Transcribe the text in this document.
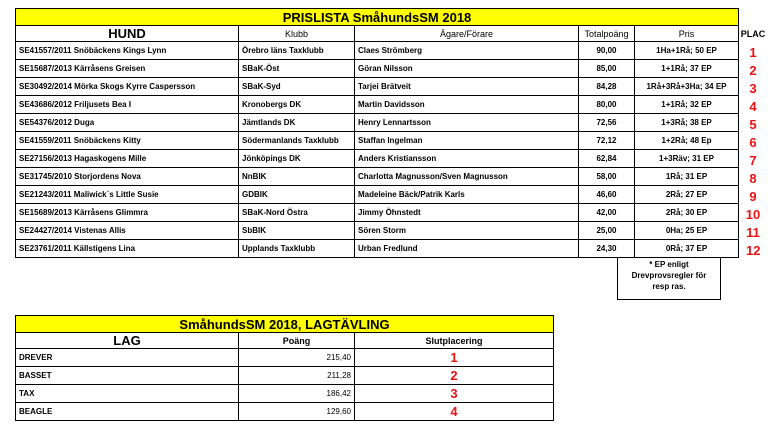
PRISLISTA SmåhundsSM 2018					
HUND	Klubb	Ägare/Förare	Totalpoäng	Pris	PLAC
SE41557/2011 Snöbäckens Kings Lynn	Örebro läns Taxklubb	Claes Strömberg	90,00	1Ha+1Rå; 50 EP	1
SE15687/2013 Kärråsens Greisen	SBaK-Öst	Göran Nilsson	85,00	1+1Rå; 37 EP	2
SE30492/2014 Mörka Skogs Kyrre Caspersson	SBaK-Syd	Tarjei Brätveit	84,28	1Rå+3Rå+3Ha; 34 EP	3
SE43686/2012 Friljusets Bea I	Kronobergs DK	Martin Davidsson	80,00	1+1Rå; 32 EP	4
SE54376/2012 Duga	Jämtlands DK	Henry Lennartsson	72,56	1+3Rå; 38 EP	5
SE41559/2011 Snöbäckens Kitty	Södermanlands Taxklubb	Staffan Ingelman	72,12	1+2Rå; 48 Ep	6
SE27156/2013 Hagaskogens Mille	Jönköpings DK	Anders Kristiansson	62,84	1+3Räv; 31 EP	7
SE31745/2010 Storjordens Nova	NnBIK	Charlotta Magnusson/Sven Magnusson	58,00	1Rå; 31 EP	8
SE21243/2011 Maliwick`s Little Susie	GDBIK	Madeleine Bäck/Patrik Karls	46,60	2Rå; 27 EP	9
SE15689/2013 Kärråsens Glimmra	SBaK-Nord Östra	Jimmy Öhnstedt	42,00	2Rå; 30 EP	10
SE24427/2014 Vistenas Allis	SbBIK	Sören Storm	25,00	0Ha; 25 EP	11
SE23761/2011 Källstigens Lina	Upplands Taxklubb	Urban Fredlund	24,30	0Rå; 37 EP	12
* EP enligt
Drevprovsregler för
resp ras.
SmåhundsSM 2018, LAGTÄVLING		
LAG	Poäng	Slutplacering
DREVER	215,40	1
BASSET	211,28	2
TAX	186,42	3
BEAGLE	129,60	4
